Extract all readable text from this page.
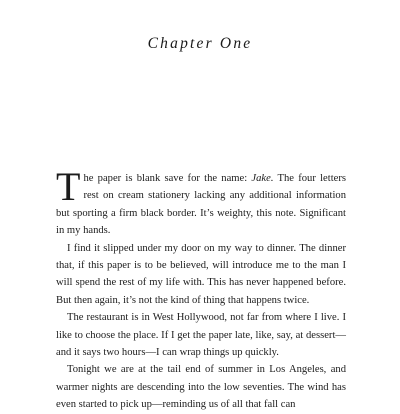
Chapter One

The paper is blank save for the name: Jake. The four letters rest on cream stationery lacking any additional information but sporting a firm black border. It’s weighty, this note. Significant in my hands.

I find it slipped under my door on my way to dinner. The dinner that, if this paper is to be believed, will introduce me to the man I will spend the rest of my life with. This has never happened before. But then again, it’s not the kind of thing that happens twice.

The restaurant is in West Hollywood, not far from where I live. I like to choose the place. If I get the paper late, like, say, at dessert—and it says two hours—I can wrap things up quickly.

Tonight we are at the tail end of summer in Los Angeles, and warmer nights are descending into the low seventies. The wind has even started to pick up—reminding us of all that fall can
